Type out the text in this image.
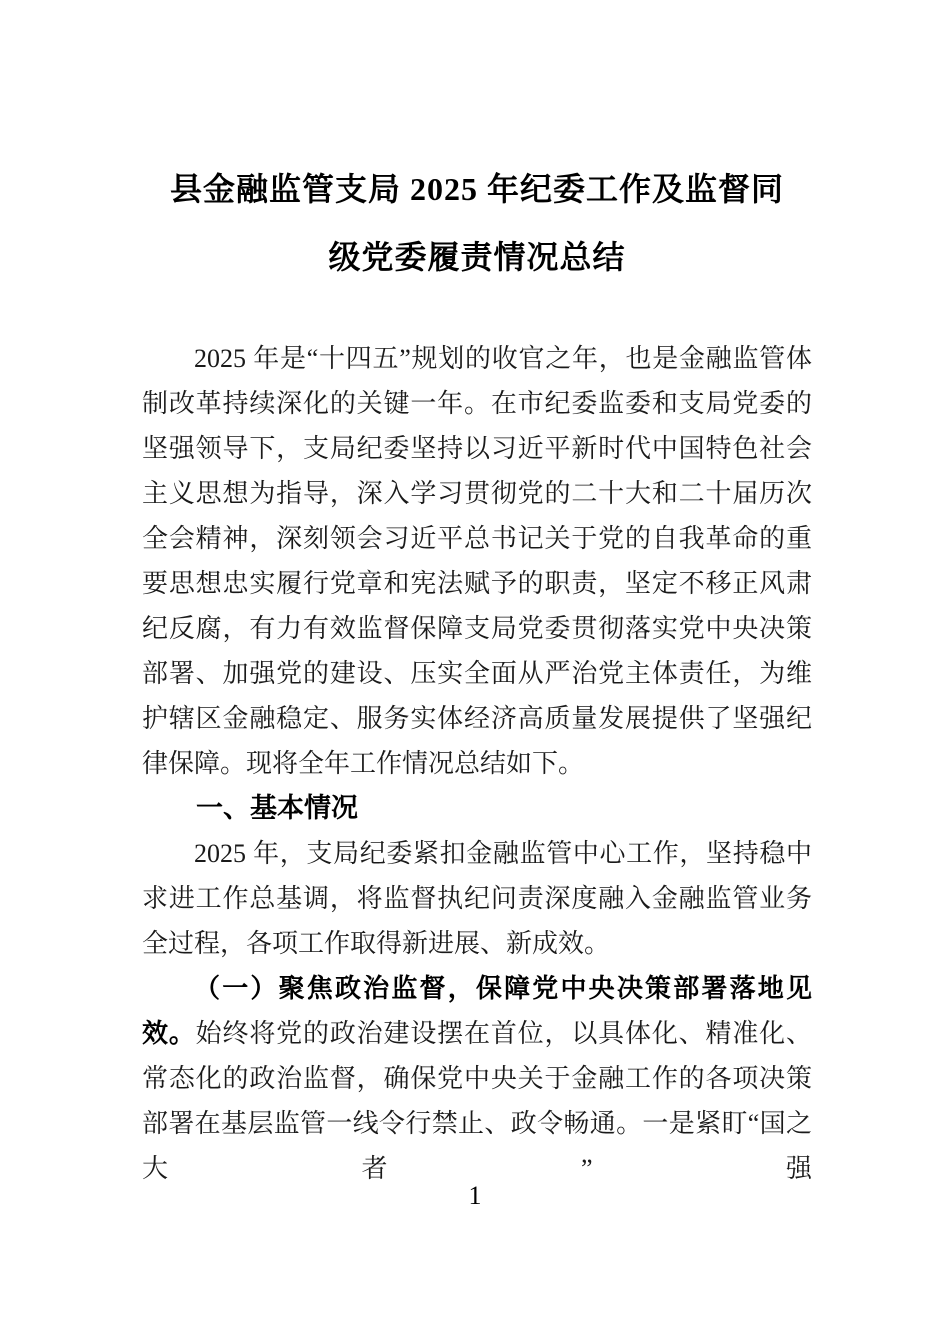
县金融监管支局 2025 年纪委工作及监督同
级党委履责情况总结

2025 年是“十四五”规划的收官之年，也是金融监管体制改革持续深化的关键一年。在市纪委监委和支局党委的坚强领导下，支局纪委坚持以习近平新时代中国特色社会主义思想为指导，深入学习贯彻党的二十大和二十届历次全会精神，深刻领会习近平总书记关于党的自我革命的重要思想忠实履行党章和宪法赋予的职责，坚定不移正风肃纪反腐，有力有效监督保障支局党委贯彻落实党中央决策部署、加强党的建设、压实全面从严治党主体责任，为维护辖区金融稳定、服务实体经济高质量发展提供了坚强纪律保障。现将全年工作情况总结如下。

一、基本情况

2025 年，支局纪委紧扣金融监管中心工作，坚持稳中求进工作总基调，将监督执纪问责深度融入金融监管业务全过程，各项工作取得新进展、新成效。

（一）聚焦政治监督，保障党中央决策部署落地见效。始终将党的政治建设摆在首位，以具体化、精准化、常态化的政治监督，确保党中央关于金融工作的各项决策部署在基层监管一线令行禁止、政令畅通。一是紧盯“国之大者”强

1
